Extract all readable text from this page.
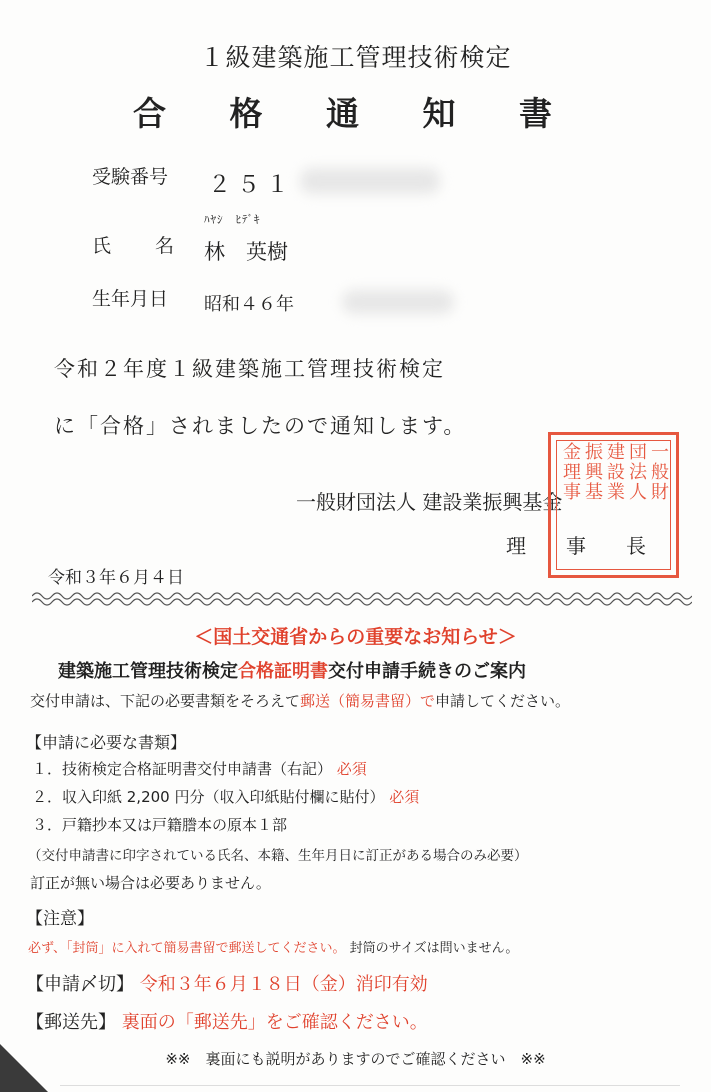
１級建築施工管理技術検定
合 格 通 知 書
受験番号 ２５１
ﾊﾔｼ　ﾋﾃﾞｷ
氏　　名 林　英樹
生年月日 昭和４６年
令和２年度１級建築施工管理技術検定
に「合格」されましたので通知します。
一般財団法人 建設業振興基金
理　　事　　長
一般財
団法人
建設業
振興基
金理事
令和３年６月４日
＜国土交通省からの重要なお知らせ＞
建築施工管理技術検定合格証明書交付申請手続きのご案内
交付申請は、下記の必要書類をそろえて郵送（簡易書留）で申請してください。
【申請に必要な書類】
１．技術検定合格証明書交付申請書（右記） 必須
２．収入印紙 2,200 円分（収入印紙貼付欄に貼付） 必須
３．戸籍抄本又は戸籍謄本の原本１部
（交付申請書に印字されている氏名、本籍、生年月日に訂正がある場合のみ必要）
訂正が無い場合は必要ありません。
【注意】
必ず、「封筒」に入れて簡易書留で郵送してください。 封筒のサイズは問いません。
【申請〆切】 令和３年６月１８日（金）消印有効
【郵送先】 裏面の「郵送先」をご確認ください。
※※　裏面にも説明がありますのでご確認ください　※※
